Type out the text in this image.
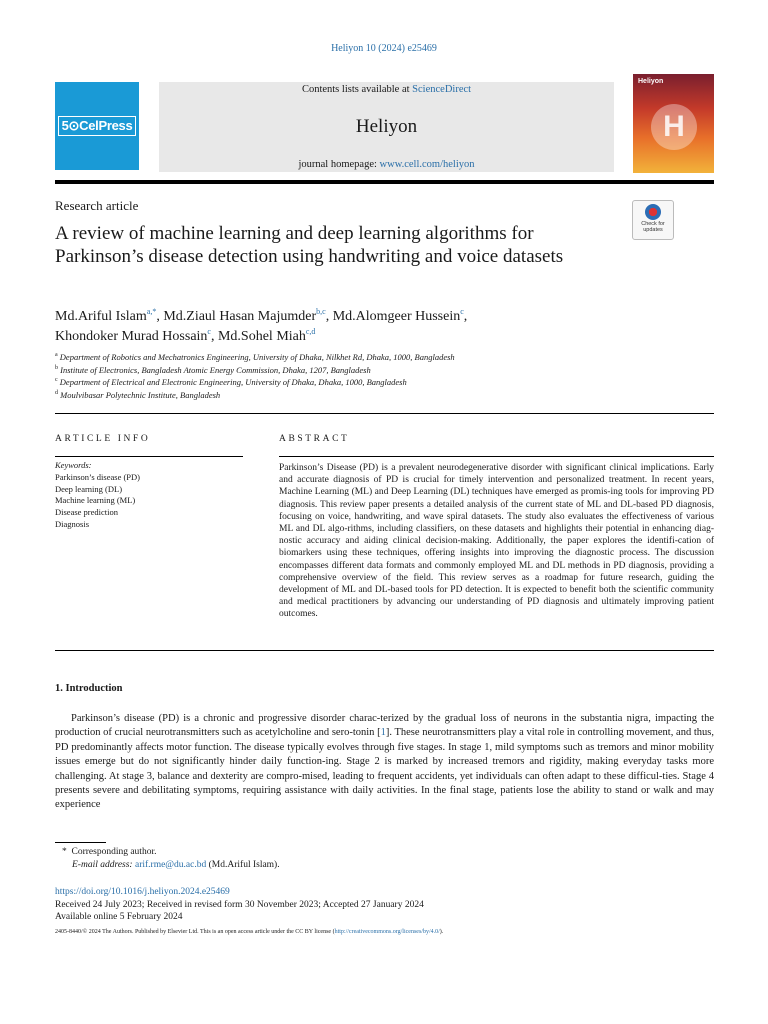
Heliyon 10 (2024) e25469
5⊙CelPress
Contents lists available at ScienceDirect
Heliyon
journal homepage: www.cell.com/heliyon
Heliyon
H
Research article
Check for
updates
A review of machine learning and deep learning algorithms for Parkinson’s disease detection using handwriting and voice datasets
Md.Ariful Islam$^{a,*}$, Md.Ziaul Hasan Majumder$^{b,c}$, Md.Alomgeer Hussein$^c$,
Khondoker Murad Hossain$^c$, Md.Sohel Miah$^{c,d}$
$^a$ Department of Robotics and Mechatronics Engineering, University of Dhaka, Nilkhet Rd, Dhaka, 1000, Bangladesh
$^b$ Institute of Electronics, Bangladesh Atomic Energy Commission, Dhaka, 1207, Bangladesh
$^c$ Department of Electrical and Electronic Engineering, University of Dhaka, Dhaka, 1000, Bangladesh
$^d$ Moulvibasar Polytechnic Institute, Bangladesh
ARTICLE INFO	ABSTRACT
Keywords:
Parkinson’s disease (PD)
Deep learning (DL)
Machine learning (ML)
Disease prediction
Diagnosis

Parkinson’s Disease (PD) is a prevalent neurodegenerative disorder with significant clinical implications. Early and accurate diagnosis of PD is crucial for timely intervention and personalized treatment. In recent years, Machine Learning (ML) and Deep Learning (DL) techniques have emerged as promis-ing tools for improving PD diagnosis. This review paper presents a detailed analysis of the current state of ML and DL-based PD diagnosis, focusing on voice, handwriting, and wave spiral datasets. The study also evaluates the effectiveness of various ML and DL algo-rithms, including classifiers, on these datasets and highlights their potential in enhancing diag-nostic accuracy and aiding clinical decision-making. Additionally, the paper explores the identifi-cation of biomarkers using these techniques, offering insights into improving the diagnostic process. The discussion encompasses different data formats and commonly employed ML and DL methods in PD diagnosis, providing a comprehensive overview of the field. This review serves as a roadmap for future research, guiding the development of ML and DL-based tools for PD detection. It is expected to benefit both the scientific community and medical practitioners by advancing our understanding of PD diagnosis and ultimately improving patient outcomes.

1. Introduction

Parkinson’s disease (PD) is a chronic and progressive disorder charac-terized by the gradual loss of neurons in the substantia nigra, impacting the production of crucial neurotransmitters such as acetylcholine and sero-tonin [1]. These neurotransmitters play a vital role in controlling movement, and thus, PD predominantly affects motor function. The disease typically evolves through five stages. In stage 1, mild symptoms such as tremors and minor mobility issues emerge but do not significantly hinder daily function-ing. Stage 2 is marked by increased tremors and rigidity, making everyday tasks more challenging. At stage 3, balance and dexterity are compro-mised, leading to frequent accidents, yet individuals can often adapt to these difficul-ties. Stage 4 presents severe and debilitating symptoms, requiring assistance with daily activities. In the final stage, patients lose the ability to stand or walk and may experience

* Corresponding author.
E-mail address: arif.rme@du.ac.bd (Md.Ariful Islam).
https://doi.org/10.1016/j.heliyon.2024.e25469
Received 24 July 2023; Received in revised form 30 November 2023; Accepted 27 January 2024
Available online 5 February 2024
2405-8440/© 2024 The Authors. Published by Elsevier Ltd. This is an open access article under the CC BY license (http://creativecommons.org/licenses/by/4.0/).
